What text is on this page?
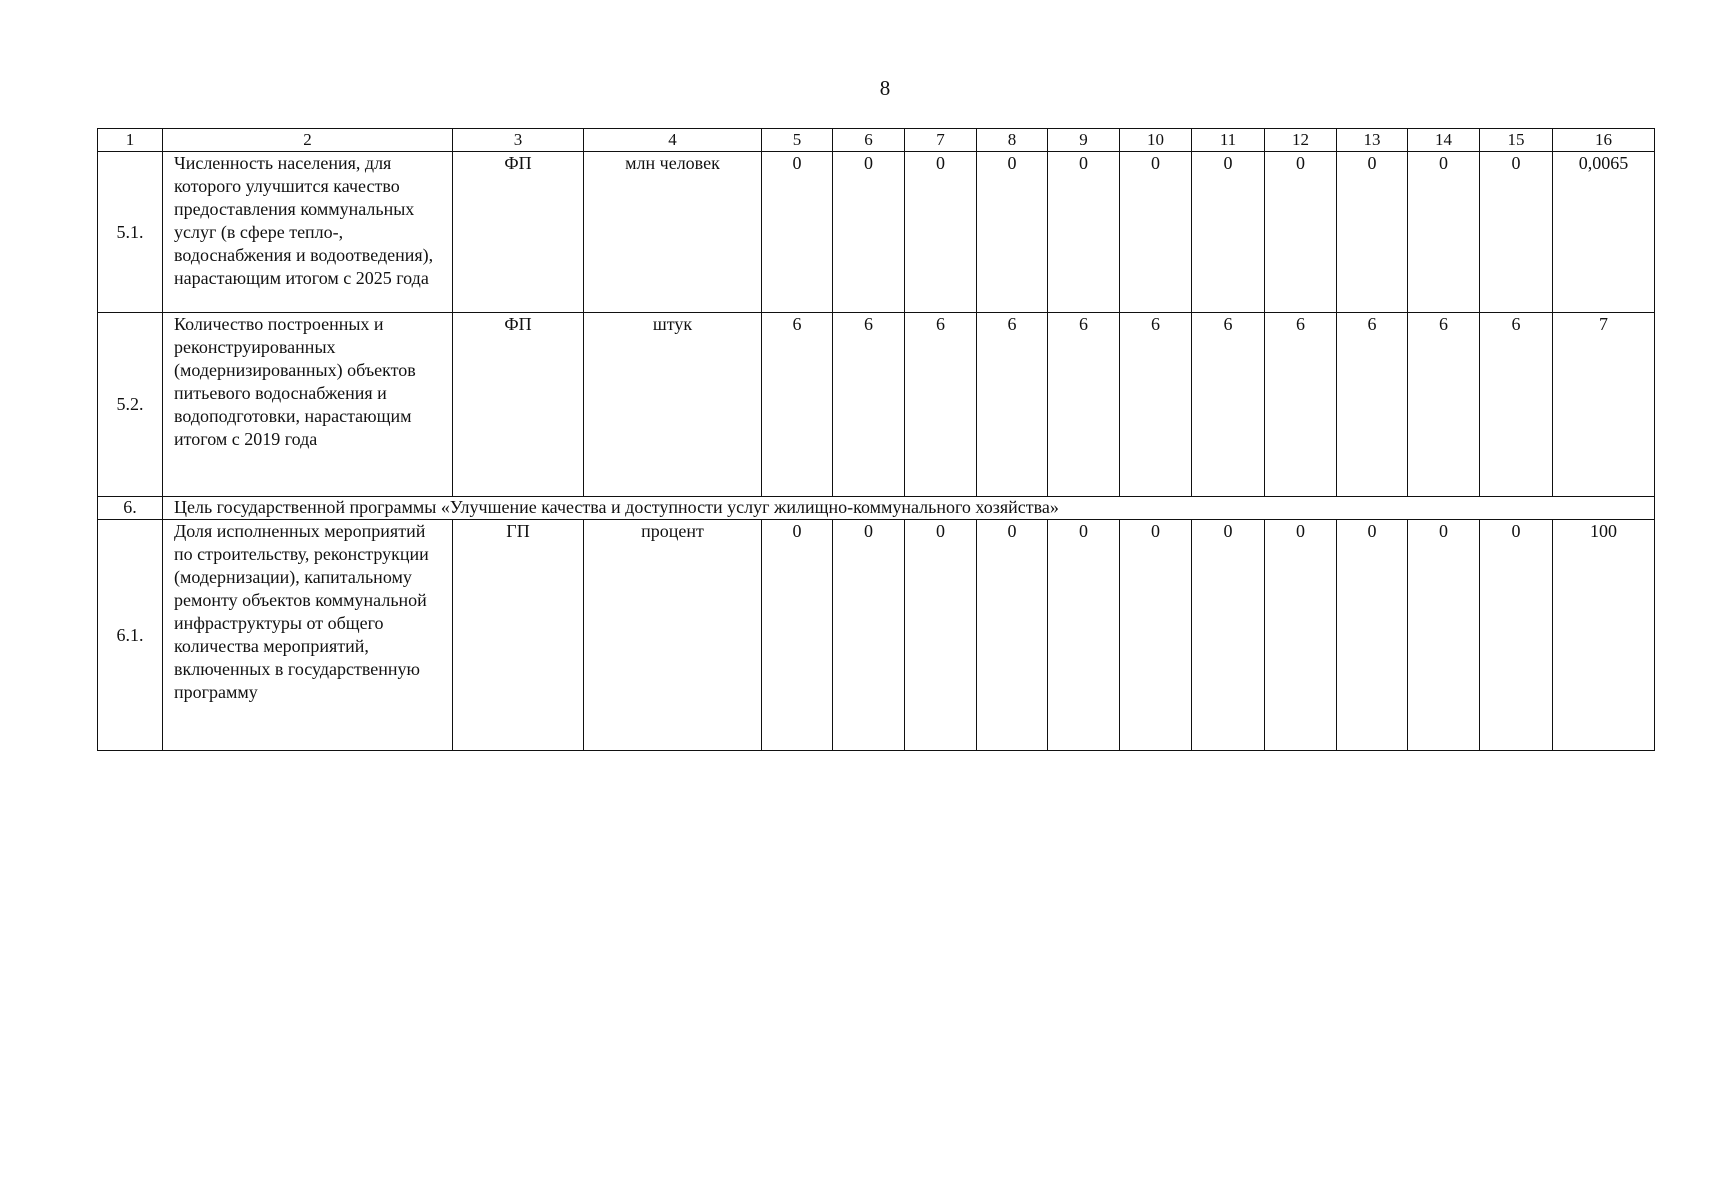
8
1	2	3	4	5	6	7	8	9	10	11	12	13	14	15	16
5.1.	Численность населения, для которого улучшится качество предоставления коммунальных услуг (в сфере тепло-, водоснабжения и водоотведения), нарастающим итогом с 2025 года	ФП	млн человек	0	0	0	0	0	0	0	0	0	0	0	0,0065
5.2.	Количество построенных и реконструированных (модернизированных) объектов питьевого водоснабжения и водоподготовки, нарастающим итогом с 2019 года	ФП	штук	6	6	6	6	6	6	6	6	6	6	6	7
6.	Цель государственной программы «Улучшение качества и доступности услуг жилищно-коммунального хозяйства»														
6.1.	Доля исполненных мероприятий по строительству, реконструкции (модернизации), капитальному ремонту объектов коммунальной инфраструктуры от общего количества мероприятий, включенных в государственную программу	ГП	процент	0	0	0	0	0	0	0	0	0	0	0	100
